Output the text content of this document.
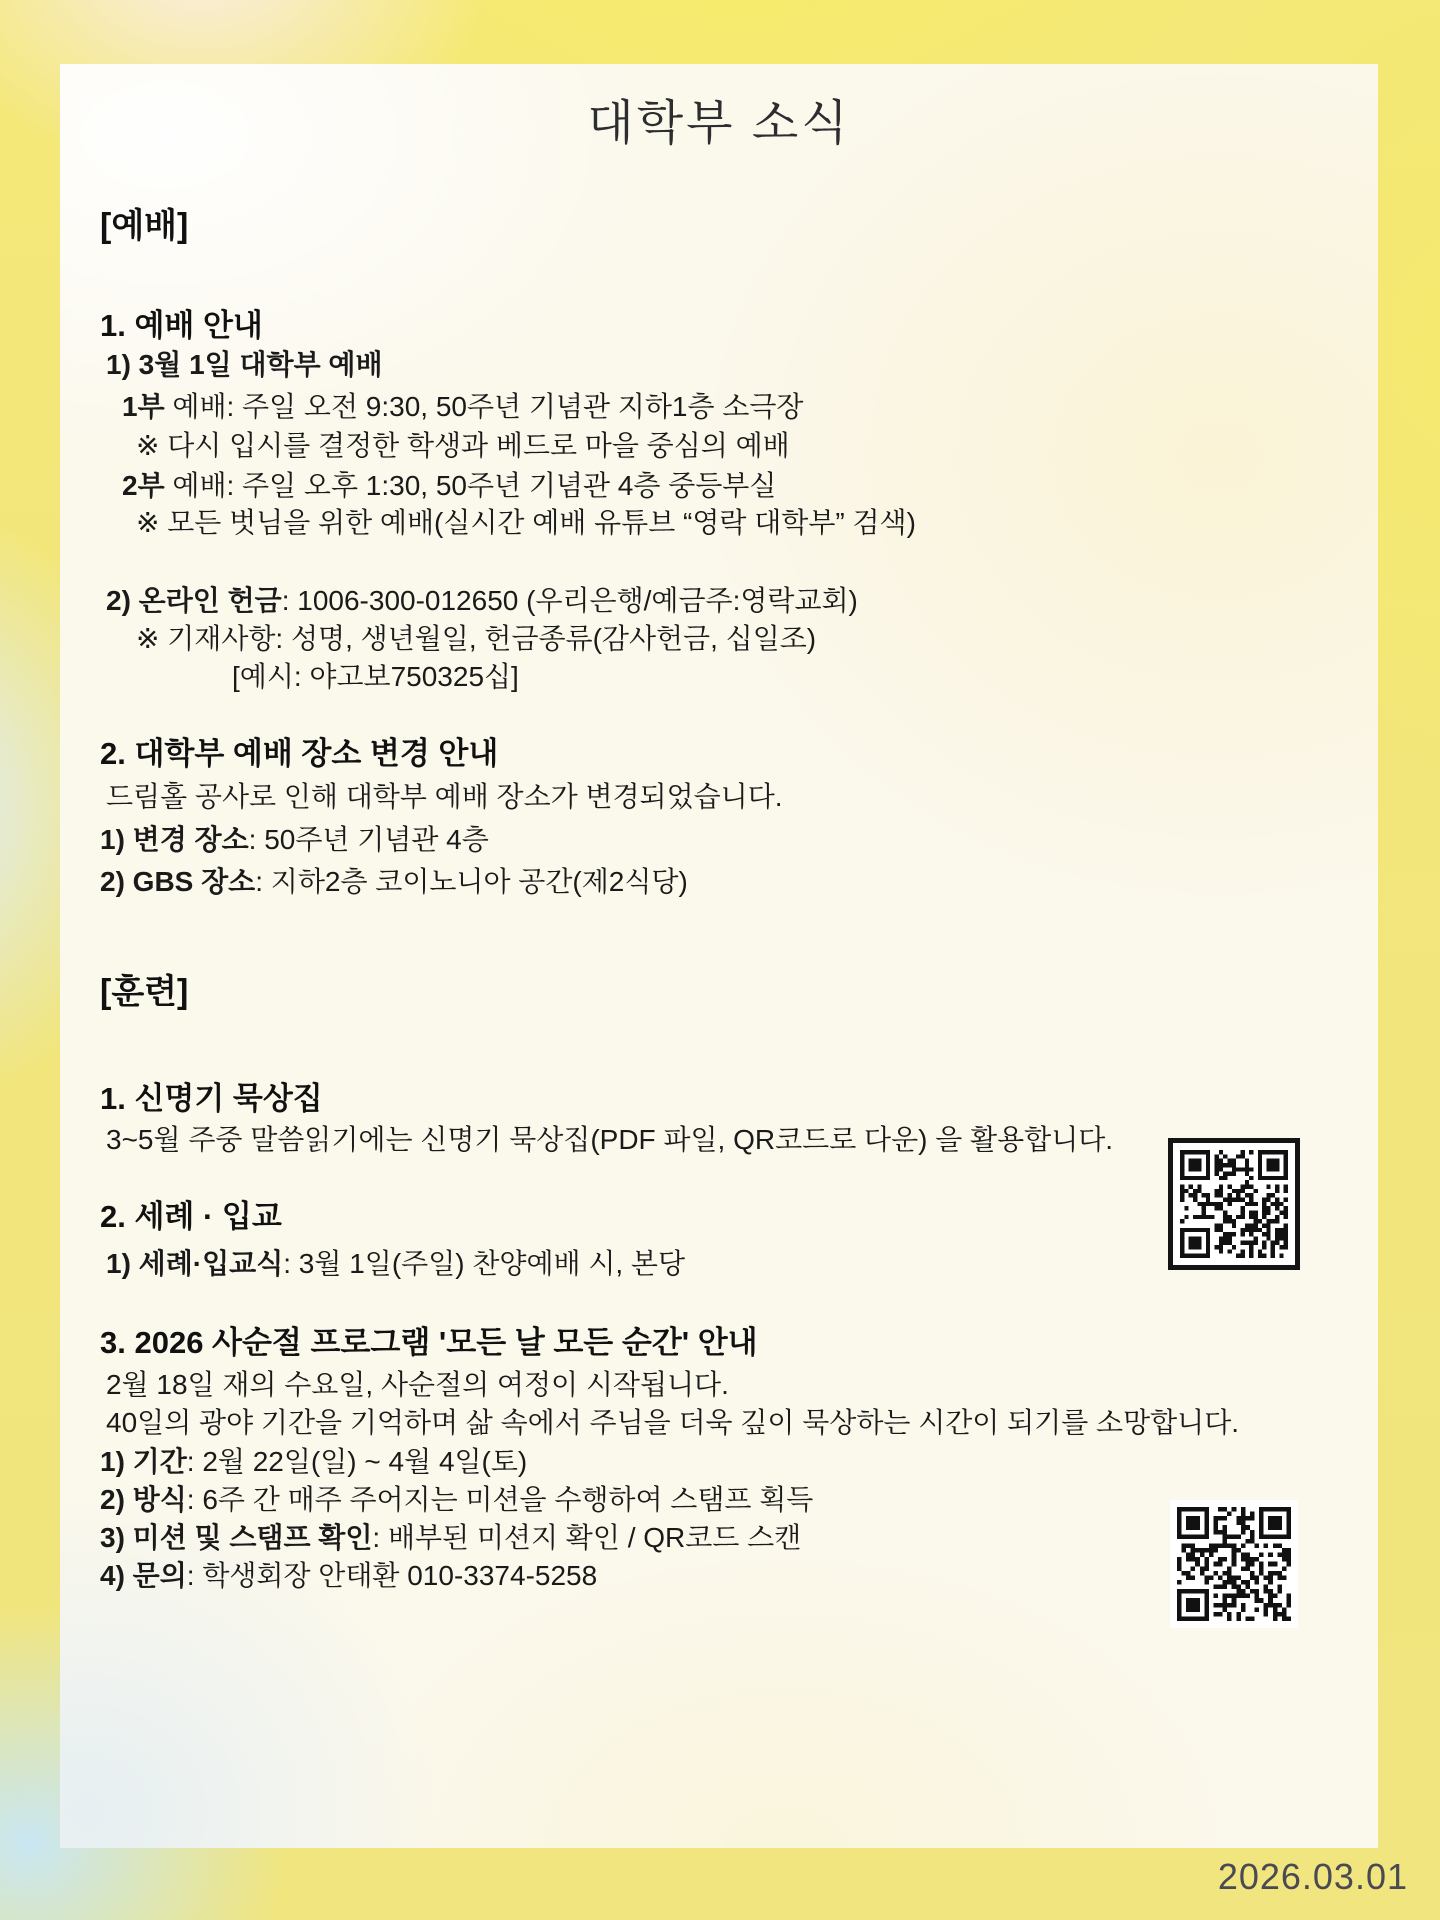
대학부 소식
[예배]
1. 예배 안내
1) 3월 1일 대학부 예배
1부 예배: 주일 오전 9:30, 50주년 기념관 지하1층 소극장
※ 다시 입시를 결정한 학생과 베드로 마을 중심의 예배
2부 예배: 주일 오후 1:30, 50주년 기념관 4층 중등부실
※ 모든 벗님을 위한 예배(실시간 예배 유튜브 “영락 대학부” 검색)
2) 온라인 헌금: 1006-300-012650 (우리은행/예금주:영락교회)
※ 기재사항: 성명, 생년월일, 헌금종류(감사헌금, 십일조)
[예시: 야고보750325십]
2. 대학부 예배 장소 변경 안내
드림홀 공사로 인해 대학부 예배 장소가 변경되었습니다.
1) 변경 장소: 50주년 기념관 4층
2) GBS 장소: 지하2층 코이노니아 공간(제2식당)
[훈련]
1. 신명기 묵상집
3~5월 주중 말씀읽기에는 신명기 묵상집(PDF 파일, QR코드로 다운) 을 활용합니다.
2. 세례 · 입교
1) 세례·입교식: 3월 1일(주일) 찬양예배 시, 본당
3. 2026 사순절 프로그램 '모든 날 모든 순간' 안내
2월 18일 재의 수요일, 사순절의 여정이 시작됩니다.
40일의 광야 기간을 기억하며 삶 속에서 주님을 더욱 깊이 묵상하는 시간이 되기를 소망합니다.
1) 기간: 2월 22일(일) ~ 4월 4일(토)
2) 방식: 6주 간 매주 주어지는 미션을 수행하여 스탬프 획득
3) 미션 및 스탬프 확인: 배부된 미션지 확인 / QR코드 스캔
4) 문의: 학생회장 안태환 010-3374-5258
2026.03.01
